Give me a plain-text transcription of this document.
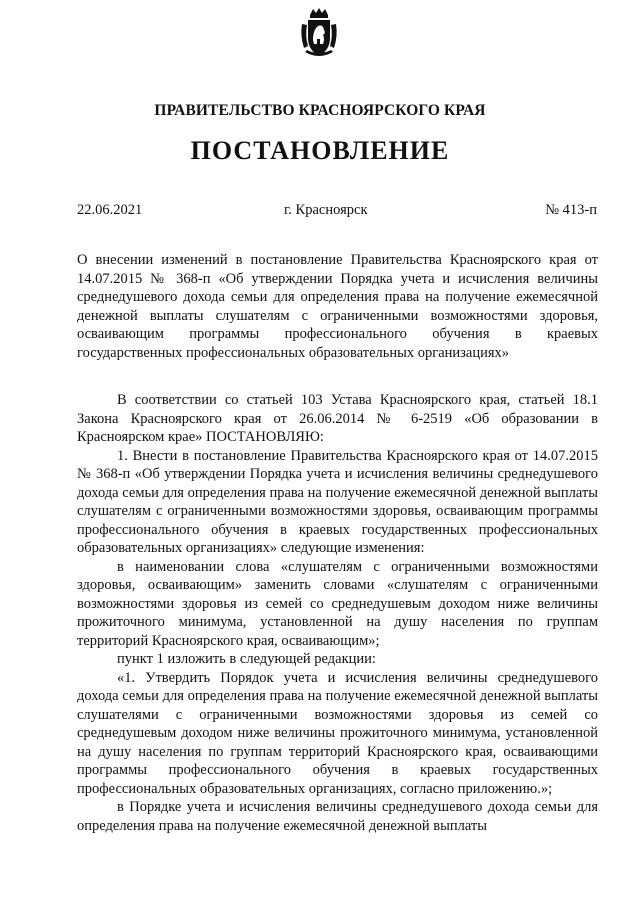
ПРАВИТЕЛЬСТВО КРАСНОЯРСКОГО КРАЯ
ПОСТАНОВЛЕНИЕ
22.06.2021	г. Красноярск	№ 413-п
О внесении изменений в постановление Правительства Красноярского края от 14.07.2015 № 368-п «Об утверждении Порядка учета и исчисления величины среднедушевого дохода семьи для определения права на получение ежемесячной денежной выплаты слушателям с ограниченными возможностями здоровья, осваивающим программы профессионального обучения в краевых государственных профессиональных образовательных организациях»

В соответствии со статьей 103 Устава Красноярского края, статьей 18.1 Закона Красноярского края от 26.06.2014 № 6-2519 «Об образовании в Красноярском крае» ПОСТАНОВЛЯЮ:

1. Внести в постановление Правительства Красноярского края от 14.07.2015 № 368-п «Об утверждении Порядка учета и исчисления величины среднедушевого дохода семьи для определения права на получение ежемесячной денежной выплаты слушателям с ограниченными возможностями здоровья, осваивающим программы профессионального обучения в краевых государственных профессиональных образовательных организациях» следующие изменения:

в наименовании слова «слушателям с ограниченными возможностями здоровья, осваивающим» заменить словами «слушателям с ограниченными возможностями здоровья из семей со среднедушевым доходом ниже величины прожиточного минимума, установленной на душу населения по группам территорий Красноярского края, осваивающим»;

пункт 1 изложить в следующей редакции:

«1. Утвердить Порядок учета и исчисления величины среднедушевого дохода семьи для определения права на получение ежемесячной денежной выплаты слушателями с ограниченными возможностями здоровья из семей со среднедушевым доходом ниже величины прожиточного минимума, установленной на душу населения по группам территорий Красноярского края, осваивающими программы профессионального обучения в краевых государственных профессиональных образовательных организациях, согласно приложению.»;

в Порядке учета и исчисления величины среднедушевого дохода семьи для определения права на получение ежемесячной денежной выплаты
